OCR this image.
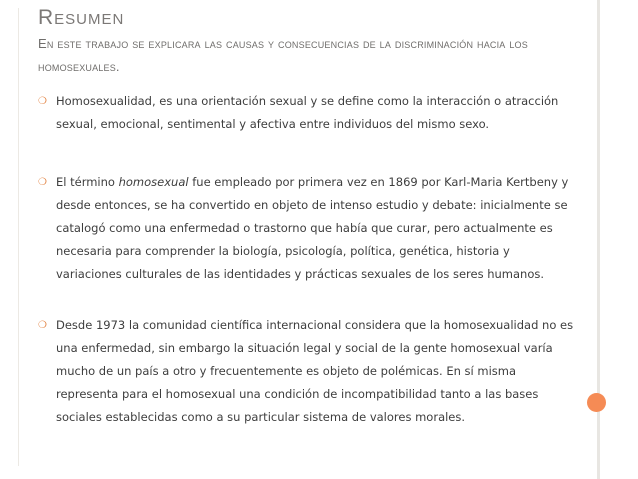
Resumen
En este trabajo se explicara las causas y consecuencias de la discriminación hacia los homosexuales.
❍ Homosexualidad, es una orientación sexual y se define como la interacción o atracción sexual, emocional, sentimental y afectiva entre individuos del mismo sexo.
❍ El término homosexual fue empleado por primera vez en 1869 por Karl-Maria Kertbeny y desde entonces, se ha convertido en objeto de intenso estudio y debate: inicialmente se catalogó como una enfermedad o trastorno que había que curar, pero actualmente es necesaria para comprender la biología, psicología, política, genética, historia y variaciones culturales de las identidades y prácticas sexuales de los seres humanos.
❍ Desde 1973 la comunidad científica internacional considera que la homosexualidad no es una enfermedad, sin embargo la situación legal y social de la gente homosexual varía mucho de un país a otro y frecuentemente es objeto de polémicas. En sí misma representa para el homosexual una condición de incompatibilidad tanto a las bases sociales establecidas como a su particular sistema de valores morales.
